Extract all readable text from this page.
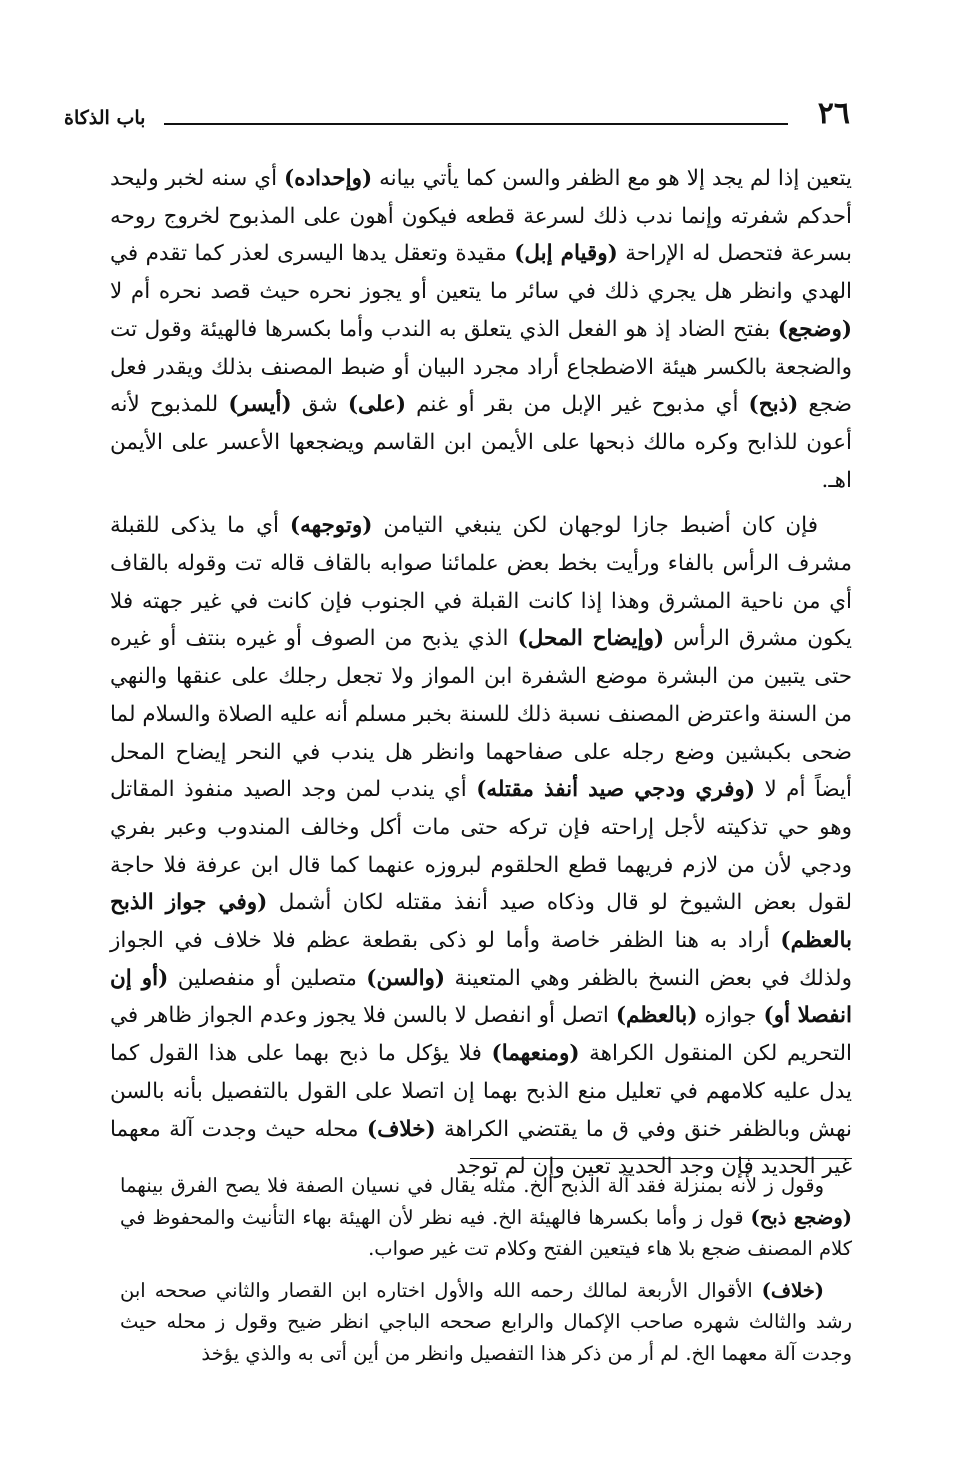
٢٦
باب الذكاة

يتعين إذا لم يجد إلا هو مع الظفر والسن كما يأتي بيانه (وإحداده) أي سنه لخبر وليحد أحدكم شفرته وإنما ندب ذلك لسرعة قطعه فيكون أهون على المذبوح لخروج روحه بسرعة فتحصل له الإراحة (وقيام إبل) مقيدة وتعقل يدها اليسرى لعذر كما تقدم في الهدي وانظر هل يجري ذلك في سائر ما يتعين أو يجوز نحره حيث قصد نحره أم لا (وضجع) بفتح الضاد إذ هو الفعل الذي يتعلق به الندب وأما بكسرها فالهيئة وقول تت والضجعة بالكسر هيئة الاضطجاع أراد مجرد البيان أو ضبط المصنف بذلك ويقدر فعل ضجع (ذبح) أي مذبوح غير الإبل من بقر أو غنم (على) شق (أيسر) للمذبوح لأنه أعون للذابح وكره مالك ذبحها على الأيمن ابن القاسم ويضجعها الأعسر على الأيمن اهـ.

فإن كان أضبط جازا لوجهان لكن ينبغي التيامن (وتوجهه) أي ما يذكى للقبلة مشرف الرأس بالفاء ورأيت بخط بعض علمائنا صوابه بالقاف قاله تت وقوله بالقاف أي من ناحية المشرق وهذا إذا كانت القبلة في الجنوب فإن كانت في غير جهته فلا يكون مشرق الرأس (وإيضاح المحل) الذي يذبح من الصوف أو غيره بنتف أو غيره حتى يتبين من البشرة موضع الشفرة ابن المواز ولا تجعل رجلك على عنقها والنهي من السنة واعترض المصنف نسبة ذلك للسنة بخبر مسلم أنه عليه الصلاة والسلام لما ضحى بكبشين وضع رجله على صفاحهما وانظر هل يندب في النحر إيضاح المحل أيضاً أم لا (وفري ودجي صيد أنفذ مقتله) أي يندب لمن وجد الصيد منفوذ المقاتل وهو حي تذكيته لأجل إراحته فإن تركه حتى مات أكل وخالف المندوب وعبر بفري ودجي لأن من لازم فريهما قطع الحلقوم لبروزه عنهما كما قال ابن عرفة فلا حاجة لقول بعض الشيوخ لو قال وذكاه صيد أنفذ مقتله لكان أشمل (وفي جواز الذبح بالعظم) أراد به هنا الظفر خاصة وأما لو ذكى بقطعة عظم فلا خلاف في الجواز ولذلك في بعض النسخ بالظفر وهي المتعينة (والسن) متصلين أو منفصلين (أو إن انفصلا أو) جوازه (بالعظم) اتصل أو انفصل لا بالسن فلا يجوز وعدم الجواز ظاهر في التحريم لكن المنقول الكراهة (ومنعهما) فلا يؤكل ما ذبح بهما على هذا القول كما يدل عليه كلامهم في تعليل منع الذبح بهما إن اتصلا على القول بالتفصيل بأنه بالسن نهش وبالظفر خنق وفي ق ما يقتضي الكراهة (خلاف) محله حيث وجدت آلة معهما غير الحديد فإن وجد الحديد تعين وإن لم توجد

وقول ز لأنه بمنزلة فقد آلة الذبح الخ. مثله يقال في نسيان الصفة فلا يصح الفرق بينهما (وضجع ذبح) قول ز وأما بكسرها فالهيئة الخ. فيه نظر لأن الهيئة بهاء التأنيث والمحفوظ في كلام المصنف ضجع بلا هاء فيتعين الفتح وكلام تت غير صواب.

(خلاف) الأقوال الأربعة لمالك رحمه الله والأول اختاره ابن القصار والثاني صححه ابن رشد والثالث شهره صاحب الإكمال والرابع صححه الباجي انظر ضيح وقول ز محله حيث وجدت آلة معهما الخ. لم أر من ذكر هذا التفصيل وانظر من أين أتى به والذي يؤخذ
